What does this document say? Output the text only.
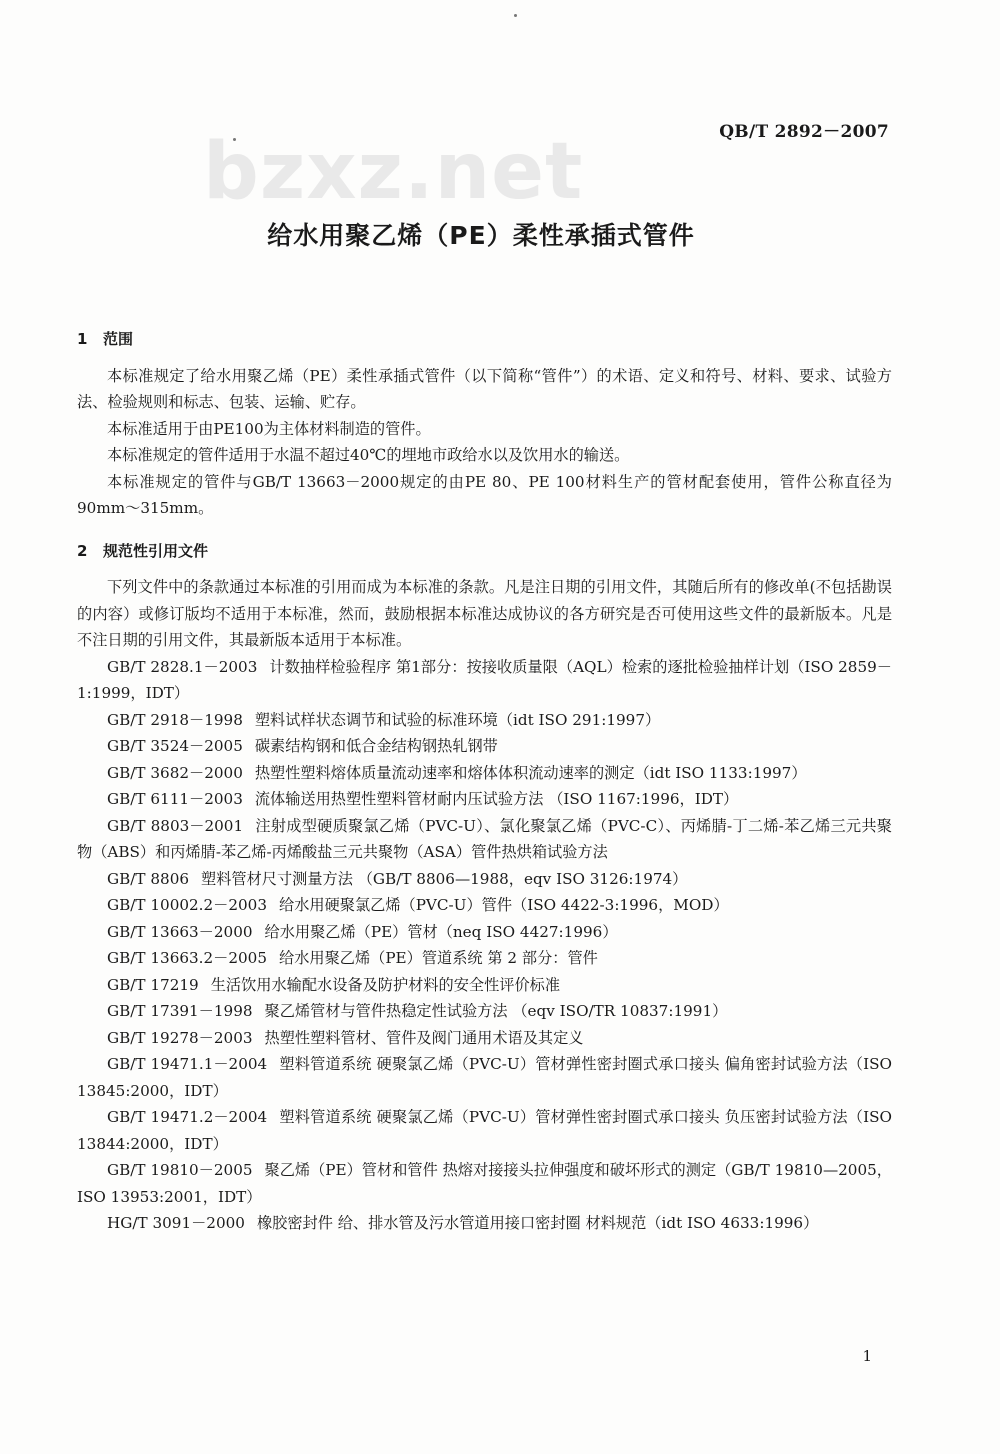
QB/T 2892－2007
bzxz.net
给水用聚乙烯（PE）柔性承插式管件
1 范围

本标准规定了给水用聚乙烯（PE）柔性承插式管件（以下简称“管件”）的术语、定义和符号、材料、要求、试验方法、检验规则和标志、包装、运输、贮存。

本标准适用于由PE100为主体材料制造的管件。

本标准规定的管件适用于水温不超过40℃的埋地市政给水以及饮用水的输送。

本标准规定的管件与GB/T 13663－2000规定的由PE 80、PE 100材料生产的管材配套使用，管件公称直径为90mm～315mm。

2 规范性引用文件

下列文件中的条款通过本标准的引用而成为本标准的条款。凡是注日期的引用文件，其随后所有的修改单(不包括勘误的内容）或修订版均不适用于本标准，然而，鼓励根据本标准达成协议的各方研究是否可使用这些文件的最新版本。凡是不注日期的引用文件，其最新版本适用于本标准。

GB/T 2828.1－2003 计数抽样检验程序 第1部分：按接收质量限（AQL）检索的逐批检验抽样计划（ISO 2859－1:1999，IDT）

GB/T 2918－1998 塑料试样状态调节和试验的标准环境（idt ISO 291:1997）

GB/T 3524－2005 碳素结构钢和低合金结构钢热轧钢带

GB/T 3682－2000 热塑性塑料熔体质量流动速率和熔体体积流动速率的测定（idt ISO 1133:1997）

GB/T 6111－2003 流体输送用热塑性塑料管材耐内压试验方法 （ISO 1167:1996，IDT）

GB/T 8803－2001 注射成型硬质聚氯乙烯（PVC-U）、氯化聚氯乙烯（PVC-C）、丙烯腈-丁二烯-苯乙烯三元共聚物（ABS）和丙烯腈-苯乙烯-丙烯酸盐三元共聚物（ASA）管件热烘箱试验方法

GB/T 8806 塑料管材尺寸测量方法 （GB/T 8806—1988，eqv ISO 3126:1974）

GB/T 10002.2－2003 给水用硬聚氯乙烯（PVC-U）管件（ISO 4422-3:1996，MOD）

GB/T 13663－2000 给水用聚乙烯（PE）管材（neq ISO 4427:1996）

GB/T 13663.2－2005 给水用聚乙烯（PE）管道系统 第 2 部分：管件

GB/T 17219 生活饮用水输配水设备及防护材料的安全性评价标准

GB/T 17391－1998 聚乙烯管材与管件热稳定性试验方法 （eqv ISO/TR 10837:1991）

GB/T 19278－2003 热塑性塑料管材、管件及阀门通用术语及其定义

GB/T 19471.1－2004 塑料管道系统 硬聚氯乙烯（PVC-U）管材弹性密封圈式承口接头 偏角密封试验方法（ISO 13845:2000，IDT）

GB/T 19471.2－2004 塑料管道系统 硬聚氯乙烯（PVC-U）管材弹性密封圈式承口接头 负压密封试验方法（ISO 13844:2000，IDT）

GB/T 19810－2005 聚乙烯（PE）管材和管件 热熔对接接头拉伸强度和破坏形式的测定（GB/T 19810—2005，ISO 13953:2001，IDT）

HG/T 3091－2000 橡胶密封件 给、排水管及污水管道用接口密封圈 材料规范（idt ISO 4633:1996）

1
